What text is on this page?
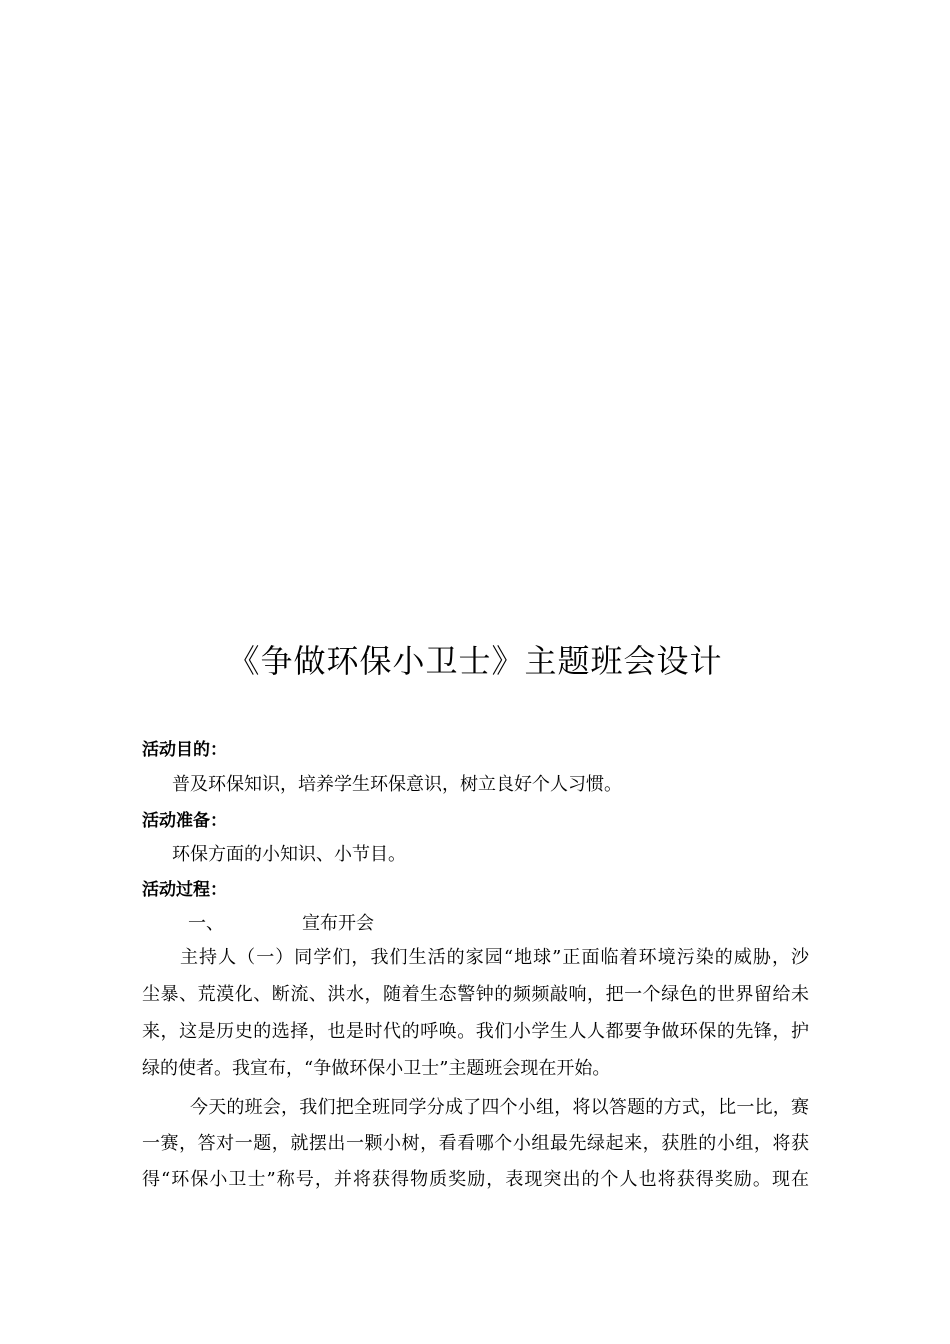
《争做环保小卫士》主题班会设计
活动目的：
普及环保知识，培养学生环保意识，树立良好个人习惯。
活动准备：
环保方面的小知识、小节目。
活动过程：
一、	宣布开会
主持人（一）同学们，我们生活的家园“地球”正面临着环境污染的威胁，沙
尘暴、荒漠化、断流、洪水，随着生态警钟的频频敲响，把一个绿色的世界留给未
来，这是历史的选择，也是时代的呼唤。我们小学生人人都要争做环保的先锋，护
绿的使者。我宣布，“争做环保小卫士”主题班会现在开始。
今天的班会，我们把全班同学分成了四个小组，将以答题的方式，比一比，赛
一赛，答对一题，就摆出一颗小树，看看哪个小组最先绿起来，获胜的小组，将获
得“环保小卫士”称号，并将获得物质奖励，表现突出的个人也将获得奖励。现在
